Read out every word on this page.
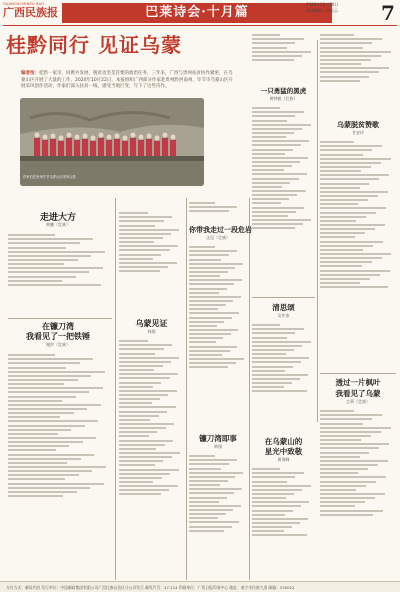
GUANGXI MINZU BAO
广西民族报	巴莱诗会·十月篇
2020年10月30日
责任编辑：黄思云	7
桂黔同行 见证乌蒙
编者按：桂黔一家亲，同携共发展，脱贫攻坚是首要的政治任务，三年来，广西与贵州扶贫协作紧密，在乌蒙山区开展了大量的工作。2020年10月22日，本报组织广西部分作家赴贵州黔西南州、毕节市乌蒙山区开展采风创作活动，作家们深入扶贫一线，感受当地巨变，写下了这些诗作。
作家们在贵州毕节乌蒙山区采风合影
走进大方
黄鹏（壮族）
在镰刀湾
我看见了一把铁锤
谢洪（壮族）
乌蒙见证
林翔
你带我走过一段危岩
文冠（壮族）
镰刀湾即事
黄翔
一只勇猛的黑虎
黄钟毅（壮族）
清思颂
吴作家
在乌蒙山的
星光中致敬
黄海峰
乌蒙脱贫赞歌
甘安玲
透过一片枫叶
我看见了乌蒙
言葵（壮族）
支付方式：邮局代收 发行单位：中国邮政集团有限公司广西壮族自治区分公司发行 邮发代号：47-214 印刷单位：广西日报印务中心 地址：南宁市民族大道 邮编：530022
